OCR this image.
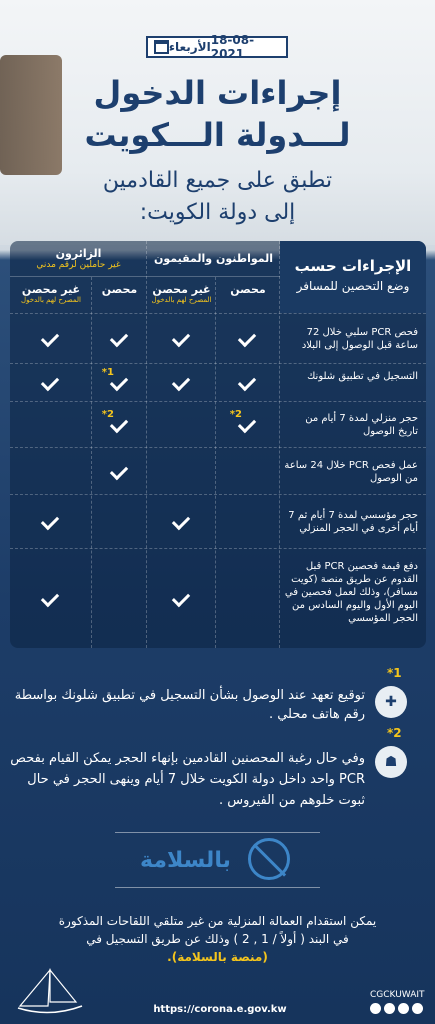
18-08-2021
الأربعاء
إجراءات الدخول
لـــدولة الـــكويت
تطبق على جميع القادمين
إلى دولة الكويت:
الإجراءات حسب
وضع التحصين للمسافر
المواطنون والمقيمون
الزائرون
غير حاملين لرقم مدني
محصن
غير محصن
المصرح لهم بالدخول
محصن
غير محصن
المصرح لهم بالدخول
فحص PCR سلبي خلال 72 ساعة قبل الوصول إلى البلاد
التسجيل في تطبيق شلونك
1*
حجر منزلي لمدة 7 أيام من تاريخ الوصول
2*
2*
عمل فحص PCR خلال 24 ساعة من الوصول
حجر مؤسسي لمدة 7 أيام ثم 7 أيام أخرى في الحجر المنزلي
دفع قيمة فحصين PCR قبل القدوم عن طريق منصة (كويت مسافر)، وذلك لعمل فحصين في اليوم الأول واليوم السادس من الحجر المؤسسي
✚
1*
توقيع تعهد عند الوصول بشأن التسجيل في تطبيق شلونك بواسطة رقم هاتف محلي .
☗
2*
وفي حال رغبة المحصنين القادمين بإنهاء الحجر يمكن القيام بفحص PCR واحد داخل دولة الكويت خلال 7 أيام وينهى الحجر في حال ثبوت خلوهم من الفيروس .
بالسلامة
يمكن استقدام العمالة المنزلية من غير متلقي اللقاحات المذكورة
في البند ( أولاً / 1 , 2 ) وذلك عن طريق التسجيل في
(منصة بالسلامة).
https://corona.e.gov.kw
CGCKUWAIT
